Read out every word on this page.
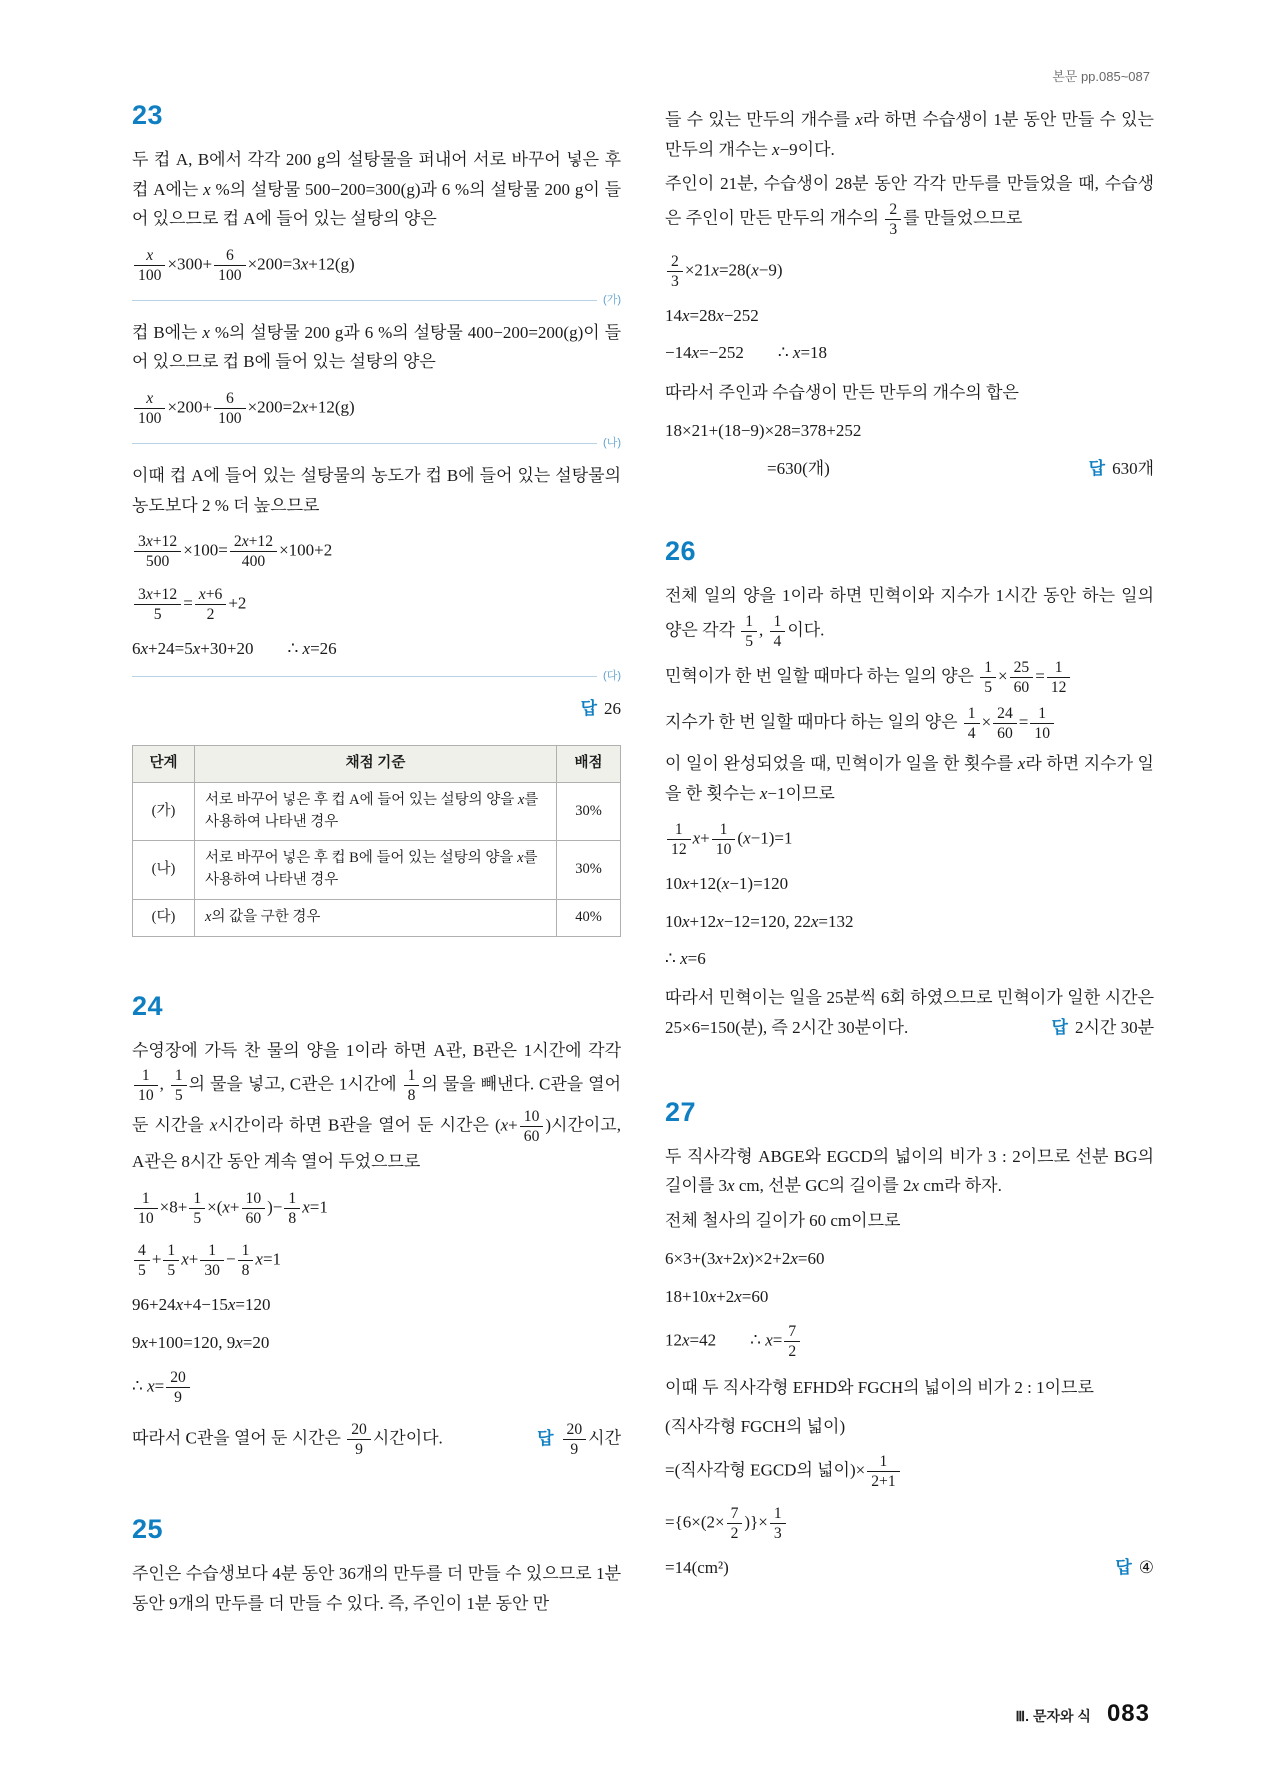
본문 pp.085~087
23
두 컵 A, B에서 각각 200 g의 설탕물을 퍼내어 서로 바꾸어 넣은 후 컵 A에는 x %의 설탕물 500−200=300(g)과 6 %의 설탕물 200 g이 들어 있으므로 컵 A에 들어 있는 설탕의 양은
$\frac{x}{100} \times 300+ \frac{6}{100} \times 200=3x+12(g)$
(가)
컵 B에는 x %의 설탕물 200 g과 6 %의 설탕물 400−200=200(g)이 들어 있으므로 컵 B에 들어 있는 설탕의 양은
$\frac{x}{100} \times 200+ \frac{6}{100} \times 200=2x+12(g)$
(나)
이때 컵 A에 들어 있는 설탕물의 농도가 컵 B에 들어 있는 설탕물의 농도보다 2 % 더 높으므로
$\frac{3x+12}{500} \times 100= \frac{2x+12}{400} \times 100+2$
$\frac{3x+12}{5} = \frac{x+6}{2} +2$
6x+24=5x+30+20  ∴ x=26
(다)
답 26
단계	채점 기준	배점
(가)	서로 바꾸어 넣은 후 컵 A에 들어 있는 설탕의 양을 x를 사용하여 나타낸 경우	30%
(나)	서로 바꾸어 넣은 후 컵 B에 들어 있는 설탕의 양을 x를 사용하여 나타낸 경우	30%
(다)	x의 값을 구한 경우	40%
24
수영장에 가득 찬 물의 양을 1이라 하면 A관, B관은 1시간에 각각
$\frac{1}{10}$ , $\frac{1}{5}$ 의 물을 넣고, C관은 1시간에 $\frac{1}{8}$ 의 물을 빼낸다. C관을 열어 둔 시간을 x시간이라 하면 B관을 열어 둔 시간은 ($x+ \frac{10}{60}$ )시간이고, A관은 8시간 동안 계속 열어 두었으므로
$\frac{1}{10} \times 8+ \frac{1}{5} \times(x+ \frac{10}{60}$ )− $\frac{1}{8} x=1$
$\frac{4}{5} + \frac{1}{5} x+ \frac{1}{30} - \frac{1}{8} x=1$
96+24x+4−15x=120
9x+100=120, 9x=20
∴ $x= \frac{20}{9}$
따라서 C관을 열어 둔 시간은 $\frac{20}{9}$ 시간이다.	답 $\frac{20}{9}$ 시간
25
주인은 수습생보다 4분 동안 36개의 만두를 더 만들 수 있으므로 1분 동안 9개의 만두를 더 만들 수 있다. 즉, 주인이 1분 동안 만
들 수 있는 만두의 개수를 x라 하면 수습생이 1분 동안 만들 수 있는 만두의 개수는 x−9이다.
주인이 21분, 수습생이 28분 동안 각각 만두를 만들었을 때, 수습생은 주인이 만든 만두의 개수의 $\frac{2}{3}$ 를 만들었으므로
$\frac{2}{3} \times 21x=28(x-9)$
14x=28x−252
−14x=−252  ∴ x=18
따라서 주인과 수습생이 만든 만두의 개수의 합은
18×21+(18−9)×28=378+252
      =630(개)	답 630개
26
전체 일의 양을 1이라 하면 민혁이와 지수가 1시간 동안 하는 일의 양은 각각 $\frac{1}{5}$ , $\frac{1}{4}$ 이다.
민혁이가 한 번 일할 때마다 하는 일의 양은 $\frac{1}{5} \times \frac{25}{60} = \frac{1}{12}$
지수가 한 번 일할 때마다 하는 일의 양은 $\frac{1}{4} \times \frac{24}{60} = \frac{1}{10}$
이 일이 완성되었을 때, 민혁이가 일을 한 횟수를 x라 하면 지수가 일을 한 횟수는 x−1이므로
$\frac{1}{12} x+ \frac{1}{10} (x-1)=1$
10x+12(x−1)=120
10x+12x−12=120, 22x=132
∴ x=6
따라서 민혁이는 일을 25분씩 6회 하였으므로 민혁이가 일한 시간은 25×6=150(분), 즉 2시간 30분이다.	답 2시간 30분
27
두 직사각형 ABGE와 EGCD의 넓이의 비가 3 : 2이므로 선분 BG의 길이를 3x cm, 선분 GC의 길이를 2x cm라 하자.
전체 철사의 길이가 60 cm이므로
6×3+(3x+2x)×2+2x=60
18+10x+2x=60
12x=42  ∴ $x= \frac{7}{2}$
이때 두 직사각형 EFHD와 FGCH의 넓이의 비가 2 : 1이므로
(직사각형 FGCH의 넓이)
=(직사각형 EGCD의 넓이)× $\frac{1}{2+1}$
$=\{6\times(2\times \frac{7}{2}$ )}× $\frac{1}{3}$
=14(cm²)	답 ④
Ⅲ. 문자와 식 083
